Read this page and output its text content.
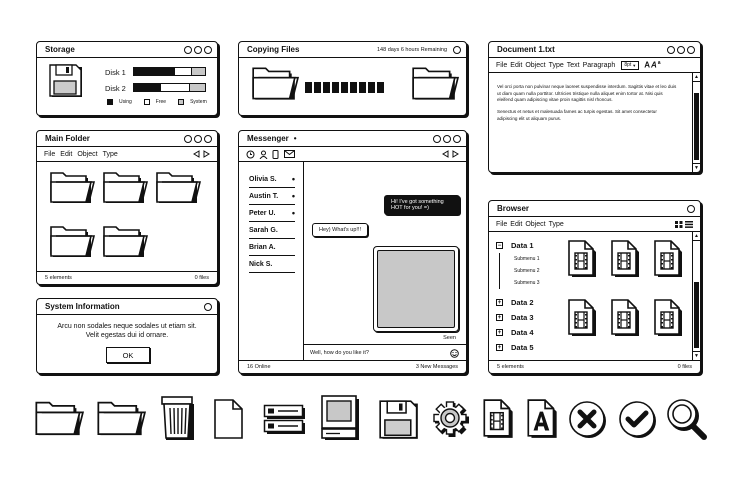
Storage
Disk 1
Disk 2
Using	Free	System
Copying Files	148 days 6 hours Remaining	Document 1.txt
File Edit Object Type Text Paragraph 8pt ▼ $AA^a$

Vel orci porta non pulvinar neque laoreet suspendisse interdum. Sagittis vitae et leo duis ut diam quam nulla porttitor. Ultricies tristique nulla aliquet enim tortor at. Nisi quis eleifend quam adipiscing vitae proin sagittis nisl rhoncus.

Senectus et netus et malesuada fames ac turpis egestas. Sit amet consectetur adipiscing elit ut aliquam purus.

▲
▼
Main Folder
File Edit Object Type
5 elements	0 files
Messenger •
Olivia S. •
Austin T. •
Peter U. •
Sarah G.
Brian A.
Nick S.
Hi! I've got something HOT for you! =)
Hey) What's up!!!
Seen
Well, how do you like it?
16 Online	3 New Messages
System Information
Arcu non sodales neque sodales ut etiam sit.
Velit egestas dui id ornare.
OK
Browser
File Edit Object Type
− Data 1
Submenu 1
Submenu 2
Submenu 3
+ Data 2
+ Data 3
+ Data 4
+ Data 5
▲
▼
5 elements	0 files
